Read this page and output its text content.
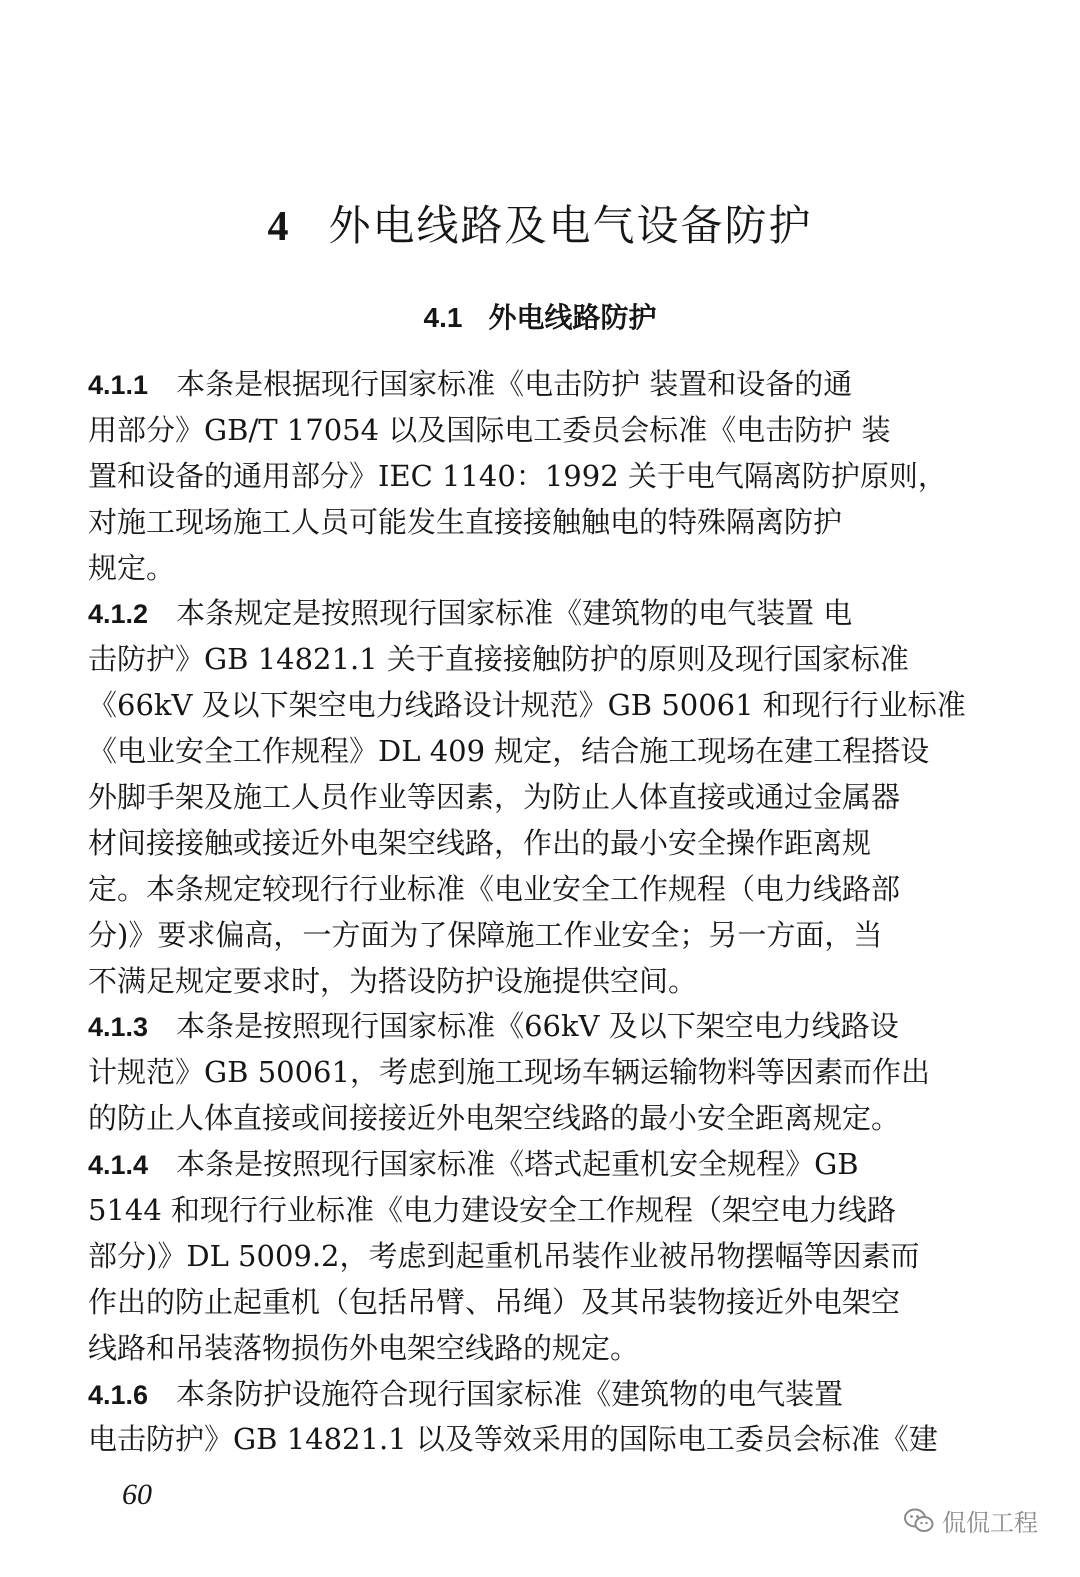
4 外电线路及电气设备防护
4.1 外电线路防护
4.1.1 本条是根据现行国家标准《电击防护 装置和设备的通
用部分》GB/T 17054 以及国际电工委员会标准《电击防护 装
置和设备的通用部分》IEC 1140：1992 关于电气隔离防护原则，
对施工现场施工人员可能发生直接接触触电的特殊隔离防护
规定。
4.1.2 本条规定是按照现行国家标准《建筑物的电气装置 电
击防护》GB 14821.1 关于直接接触防护的原则及现行国家标准
《66kV 及以下架空电力线路设计规范》GB 50061 和现行行业标准
《电业安全工作规程》DL 409 规定，结合施工现场在建工程搭设
外脚手架及施工人员作业等因素，为防止人体直接或通过金属器
材间接接触或接近外电架空线路，作出的最小安全操作距离规
定。本条规定较现行行业标准《电业安全工作规程（电力线路部
分)》要求偏高，一方面为了保障施工作业安全；另一方面，当
不满足规定要求时，为搭设防护设施提供空间。
4.1.3 本条是按照现行国家标准《66kV 及以下架空电力线路设
计规范》GB 50061，考虑到施工现场车辆运输物料等因素而作出
的防止人体直接或间接接近外电架空线路的最小安全距离规定。
4.1.4 本条是按照现行国家标准《塔式起重机安全规程》GB
5144 和现行行业标准《电力建设安全工作规程（架空电力线路
部分)》DL 5009.2，考虑到起重机吊装作业被吊物摆幅等因素而
作出的防止起重机（包括吊臂、吊绳）及其吊装物接近外电架空
线路和吊装落物损伤外电架空线路的规定。
4.1.6 本条防护设施符合现行国家标准《建筑物的电气装置
电击防护》GB 14821.1 以及等效采用的国际电工委员会标准《建
60
侃侃工程
